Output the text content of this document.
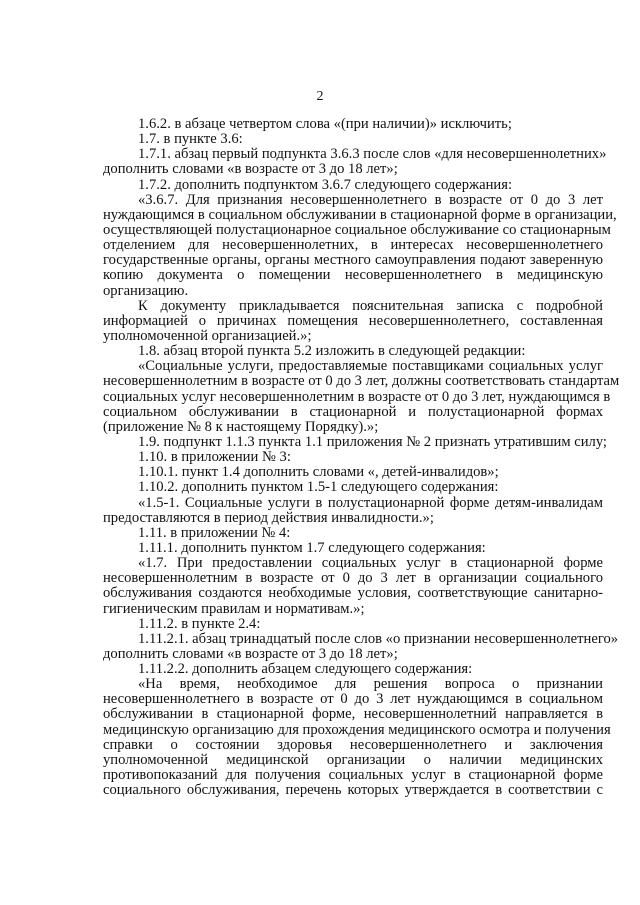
2
1.6.2. в абзаце четвертом слова «(при наличии)» исключить;
1.7. в пункте 3.6:
1.7.1. абзац первый подпункта 3.6.3 после слов «для несовершеннолетних»
дополнить словами «в возрасте от 3 до 18 лет»;
1.7.2. дополнить подпунктом 3.6.7 следующего содержания:
«3.6.7. Для признания несовершеннолетнего в возрасте от 0 до 3 лет
нуждающимся в социальном обслуживании в стационарной форме в организации,
осуществляющей полустационарное социальное обслуживание со стационарным
отделением для несовершеннолетних, в интересах несовершеннолетнего
государственные органы, органы местного самоуправления подают заверенную
копию документа о помещении несовершеннолетнего в медицинскую
организацию.
К документу прикладывается пояснительная записка с подробной
информацией о причинах помещения несовершеннолетнего, составленная
уполномоченной организацией.»;
1.8. абзац второй пункта 5.2 изложить в следующей редакции:
«Социальные услуги, предоставляемые поставщиками социальных услуг
несовершеннолетним в возрасте от 0 до 3 лет, должны соответствовать стандартам
социальных услуг несовершеннолетним в возрасте от 0 до 3 лет, нуждающимся в
социальном обслуживании в стационарной и полустационарной формах
(приложение № 8 к настоящему Порядку).»;
1.9. подпункт 1.1.3 пункта 1.1 приложения № 2 признать утратившим силу;
1.10. в приложении № 3:
1.10.1. пункт 1.4 дополнить словами «, детей-инвалидов»;
1.10.2. дополнить пунктом 1.5-1 следующего содержания:
«1.5-1. Социальные услуги в полустационарной форме детям-инвалидам
предоставляются в период действия инвалидности.»;
1.11. в приложении № 4:
1.11.1. дополнить пунктом 1.7 следующего содержания:
«1.7. При предоставлении социальных услуг в стационарной форме
несовершеннолетним в возрасте от 0 до 3 лет в организации социального
обслуживания создаются необходимые условия, соответствующие санитарно-
гигиеническим правилам и нормативам.»;
1.11.2. в пункте 2.4:
1.11.2.1. абзац тринадцатый после слов «о признании несовершеннолетнего»
дополнить словами «в возрасте от 3 до 18 лет»;
1.11.2.2. дополнить абзацем следующего содержания:
«На время, необходимое для решения вопроса о признании
несовершеннолетнего в возрасте от 0 до 3 лет нуждающимся в социальном
обслуживании в стационарной форме, несовершеннолетний направляется в
медицинскую организацию для прохождения медицинского осмотра и получения
справки о состоянии здоровья несовершеннолетнего и заключения
уполномоченной медицинской организации о наличии медицинских
противопоказаний для получения социальных услуг в стационарной форме
социального обслуживания, перечень которых утверждается в соответствии с
